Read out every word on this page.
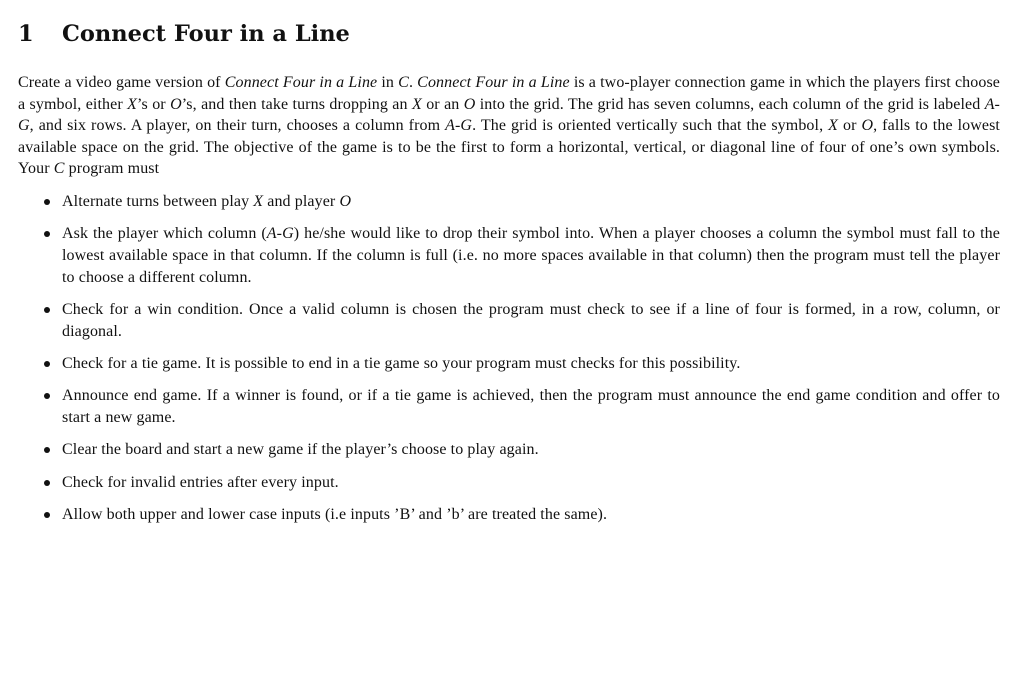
1	Connect Four in a Line

Create a video game version of Connect Four in a Line in C. Connect Four in a Line is a two-player connection game in which the players first choose a symbol, either X’s or O’s, and then take turns dropping an X or an O into the grid. The grid has seven columns, each column of the grid is labeled A-G, and six rows. A player, on their turn, chooses a column from A-G. The grid is oriented vertically such that the symbol, X or O, falls to the lowest available space on the grid. The objective of the game is to be the first to form a horizontal, vertical, or diagonal line of four of one’s own symbols. Your C program must

Alternate turns between play X and player O
Ask the player which column (A-G) he/she would like to drop their symbol into. When a player chooses a column the symbol must fall to the lowest available space in that column. If the column is full (i.e. no more spaces available in that column) then the program must tell the player to choose a different column.
Check for a win condition. Once a valid column is chosen the program must check to see if a line of four is formed, in a row, column, or diagonal.
Check for a tie game. It is possible to end in a tie game so your program must checks for this possibility.
Announce end game. If a winner is found, or if a tie game is achieved, then the program must announce the end game condition and offer to start a new game.
Clear the board and start a new game if the player’s choose to play again.
Check for invalid entries after every input.
Allow both upper and lower case inputs (i.e inputs ’B’ and ’b’ are treated the same).
